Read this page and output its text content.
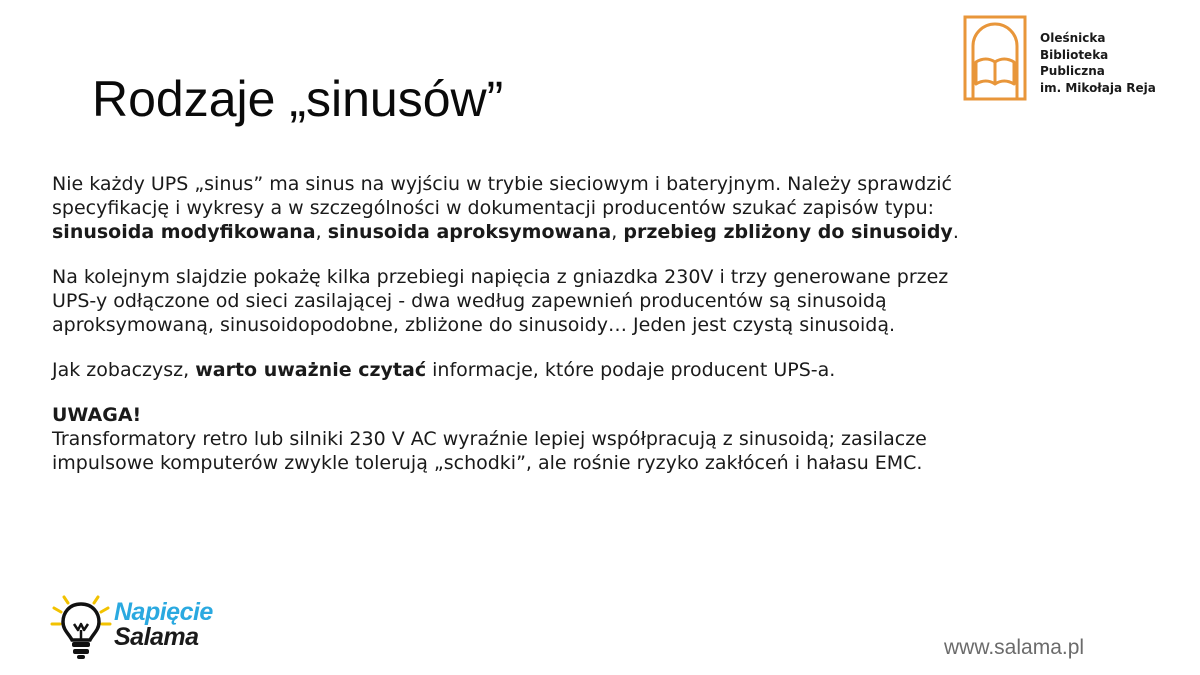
Rodzaje „sinusów”
Oleśnicka
Biblioteka
Publiczna
im. Mikołaja Reja

Nie każdy UPS „sinus” ma sinus na wyjściu w trybie sieciowym i bateryjnym. Należy sprawdzić
specyfikację i wykresy a w szczególności w dokumentacji producentów szukać zapisów typu:
sinusoida modyfikowana, sinusoida aproksymowana, przebieg zbliżony do sinusoidy.

Na kolejnym slajdzie pokażę kilka przebiegi napięcia z gniazdka 230V i trzy generowane przez
UPS-y odłączone od sieci zasilającej - dwa według zapewnień producentów są sinusoidą
aproksymowaną, sinusoidopodobne, zbliżone do sinusoidy… Jeden jest czystą sinusoidą.

Jak zobaczysz, warto uważnie czytać informacje, które podaje producent UPS-a.

UWAGA!
Transformatory retro lub silniki 230 V AC wyraźnie lepiej współpracują z sinusoidą; zasilacze
impulsowe komputerów zwykle tolerują „schodki”, ale rośnie ryzyko zakłóceń i hałasu EMC.

Napięcie
Salama	www.salama.pl
